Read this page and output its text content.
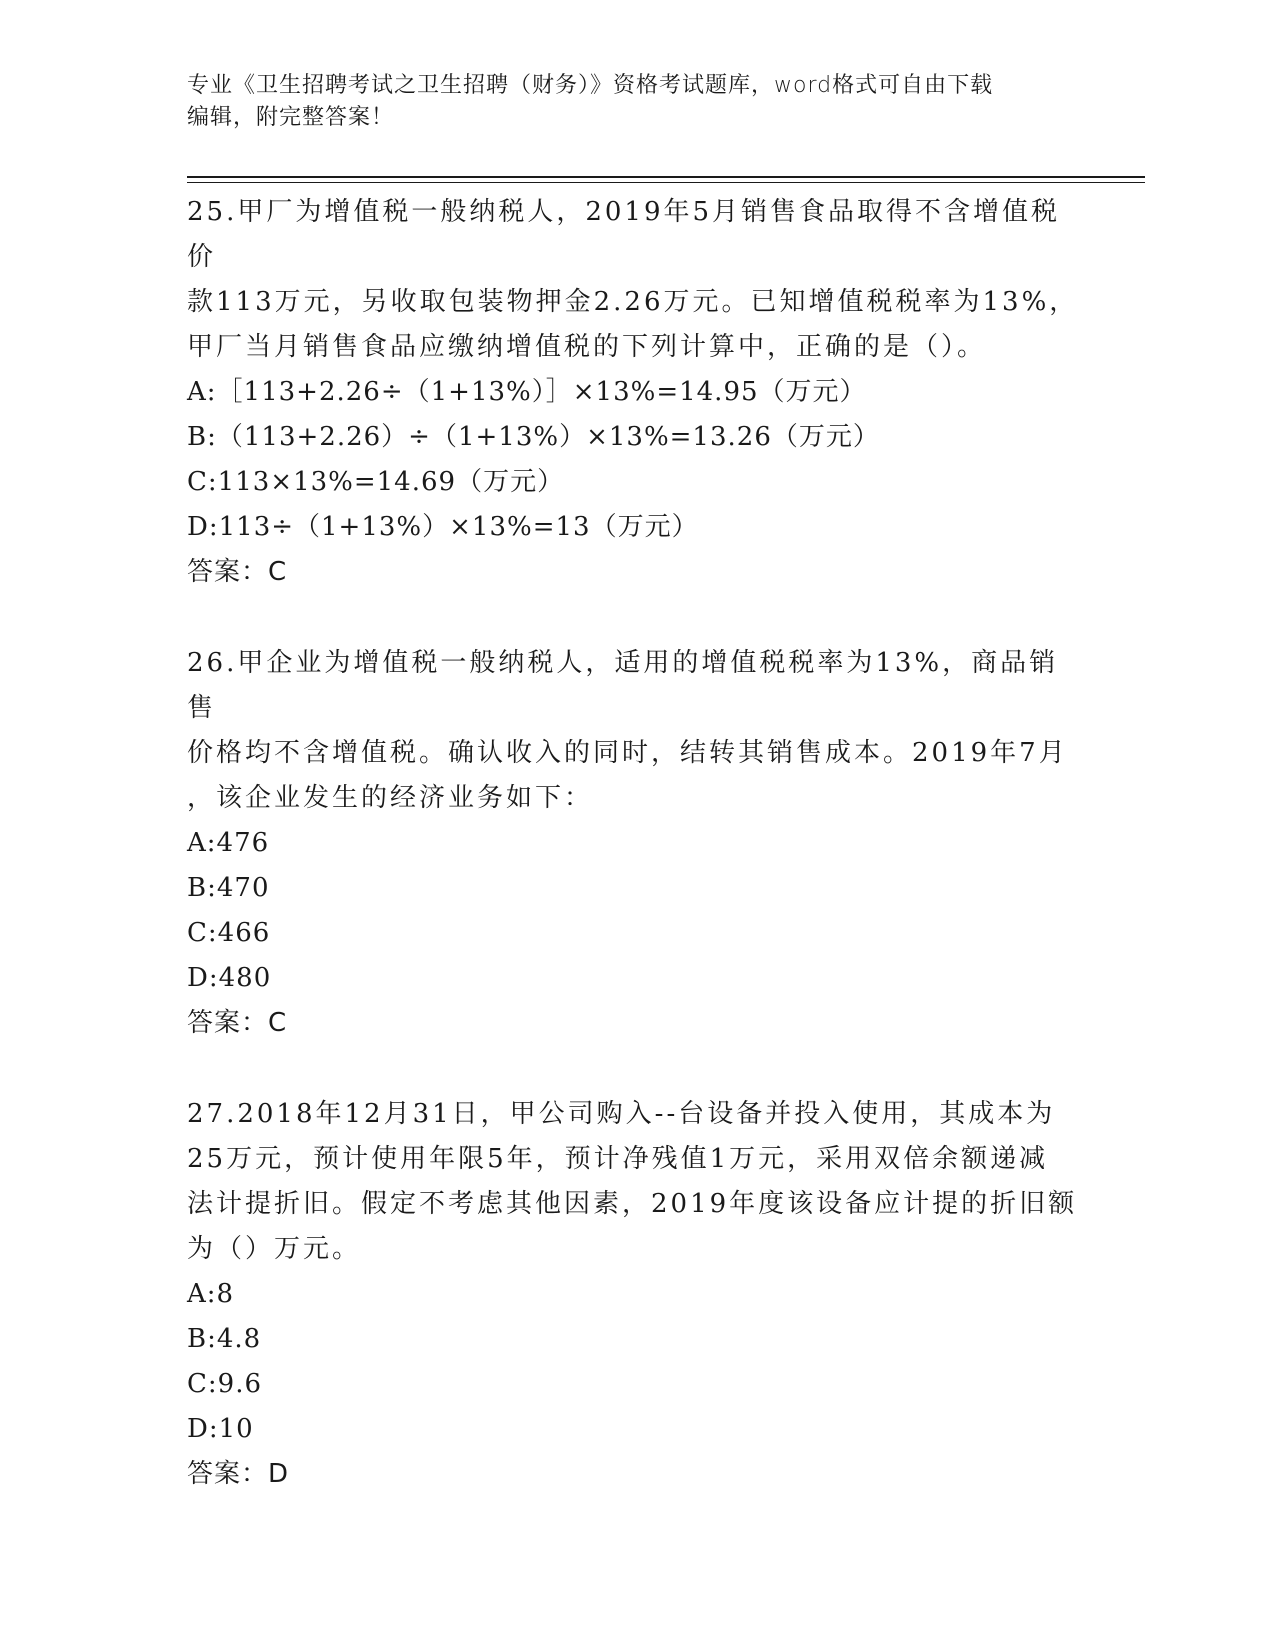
专业《卫生招聘考试之卫生招聘（财务）》资格考试题库，word格式可自由下载
编辑，附完整答案！
25.甲厂为增值税一般纳税人，2019年5月销售食品取得不含增值税价
款113万元，另收取包装物押金2.26万元。已知增值税税率为13%，
甲厂当月销售食品应缴纳增值税的下列计算中，正确的是（）。
A:［113+2.26÷（1+13%）］×13%=14.95（万元）
B:（113+2.26）÷（1+13%）×13%=13.26（万元）
C:113×13%=14.69（万元）
D:113÷（1+13%）×13%=13（万元）
答案：C
26.甲企业为增值税一般纳税人，适用的增值税税率为13%，商品销售
价格均不含增值税。确认收入的同时，结转其销售成本。2019年7月
，该企业发生的经济业务如下：
A:476
B:470
C:466
D:480
答案：C
27.2018年12月31日，甲公司购入--台设备并投入使用，其成本为
25万元，预计使用年限5年，预计净残值1万元，采用双倍余额递减
法计提折旧。假定不考虑其他因素，2019年度该设备应计提的折旧额
为（）万元。
A:8
B:4.8
C:9.6
D:10
答案：D
